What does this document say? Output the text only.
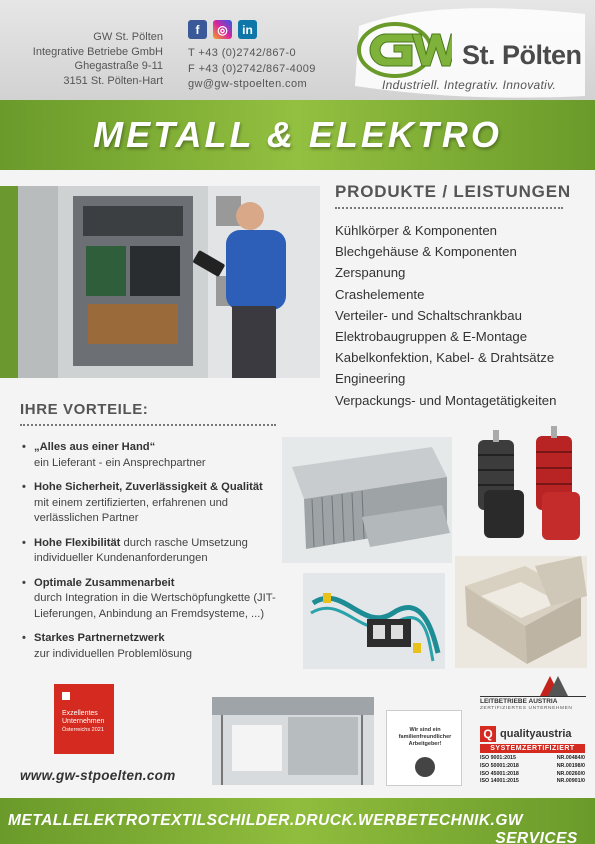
GW St. Pölten
Integrative Betriebe GmbH
Ghegastraße 9-11
3151 St. Pölten-Hart
f	◎	in
T +43 (0)2742/867-0
F +43 (0)2742/867-4009
gw@gw-stpoelten.com
St. Pölten
Industriell. Integrativ. Innovativ.
METALL & ELEKTRO
PRODUKTE / LEISTUNGEN
Kühlkörper & Komponenten
Blechgehäuse & Komponenten
Zerspanung
Crashelemente
Verteiler- und Schaltschrankbau
Elektrobaugruppen & E-Montage
Kabelkonfektion, Kabel- & Drahtsätze
Engineering
Verpackungs- und Montagetätigkeiten
IHRE VORTEILE:
• „Alles aus einer Hand“
ein Lieferant - ein Ansprechpartner
• Hohe Sicherheit, Zuverlässigkeit & Qualität
mit einem zertifizierten, erfahrenen und verlässlichen Partner
• Hohe Flexibilität durch rasche Umsetzung individueller Kundenanforderungen
• Optimale Zusammenarbeit
durch Integration in die Wertschöpfungkette (JIT-Lieferungen, Anbindung an Fremdsysteme, ...)
• Starkes Partnernetzwerk
zur individuellen Problemlösung
Exzellentes
Unternehmen
Österreichs 2021	Wir sind ein
familienfreundlicher
Arbeitgeber!
LEITBETRIEBE AUSTRIA
ZERTIFIZIERTES UNTERNEHMEN
Q qualityaustria
SYSTEMZERTIFIZIERT
ISO 9001:2015	NR.00484/0
ISO 50001:2018	NR.00198/0
ISO 45001:2018	NR.00260/0
ISO 14001:2015	NR.00901/0
www.gw-stpoelten.com
METALL ELEKTRO TEXTIL SCHILDER.DRUCK.WERBETECHNIK. GW SERVICES
